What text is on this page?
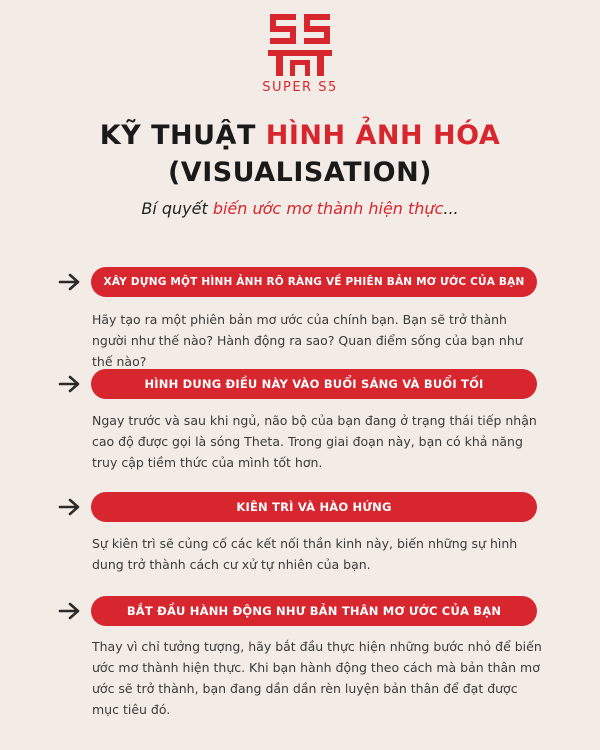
SUPER S5
KỸ THUẬT HÌNH ẢNH HÓA
(VISUALISATION)
Bí quyết biến ước mơ thành hiện thực...
XÂY DỰNG MỘT HÌNH ẢNH RÕ RÀNG VỀ PHIÊN BẢN MƠ ƯỚC CỦA BẠN
Hãy tạo ra một phiên bản mơ ước của chính bạn. Bạn sẽ trở thành người như thế nào? Hành động ra sao? Quan điểm sống của bạn như thế nào?
HÌNH DUNG ĐIỀU NÀY VÀO BUỔI SÁNG VÀ BUỔI TỐI
Ngay trước và sau khi ngủ, não bộ của bạn đang ở trạng thái tiếp nhận cao độ được gọi là sóng Theta. Trong giai đoạn này, bạn có khả năng truy cập tiềm thức của mình tốt hơn.
KIÊN TRÌ VÀ HÀO HỨNG
Sự kiên trì sẽ củng cố các kết nối thần kinh này, biến những sự hình dung trở thành cách cư xử tự nhiên của bạn.
BẮT ĐẦU HÀNH ĐỘNG NHƯ BẢN THÂN MƠ ƯỚC CỦA BẠN
Thay vì chỉ tưởng tượng, hãy bắt đầu thực hiện những bước nhỏ để biến ước mơ thành hiện thực. Khi bạn hành động theo cách mà bản thân mơ ước sẽ trở thành, bạn đang dần dần rèn luyện bản thân để đạt được mục tiêu đó.
